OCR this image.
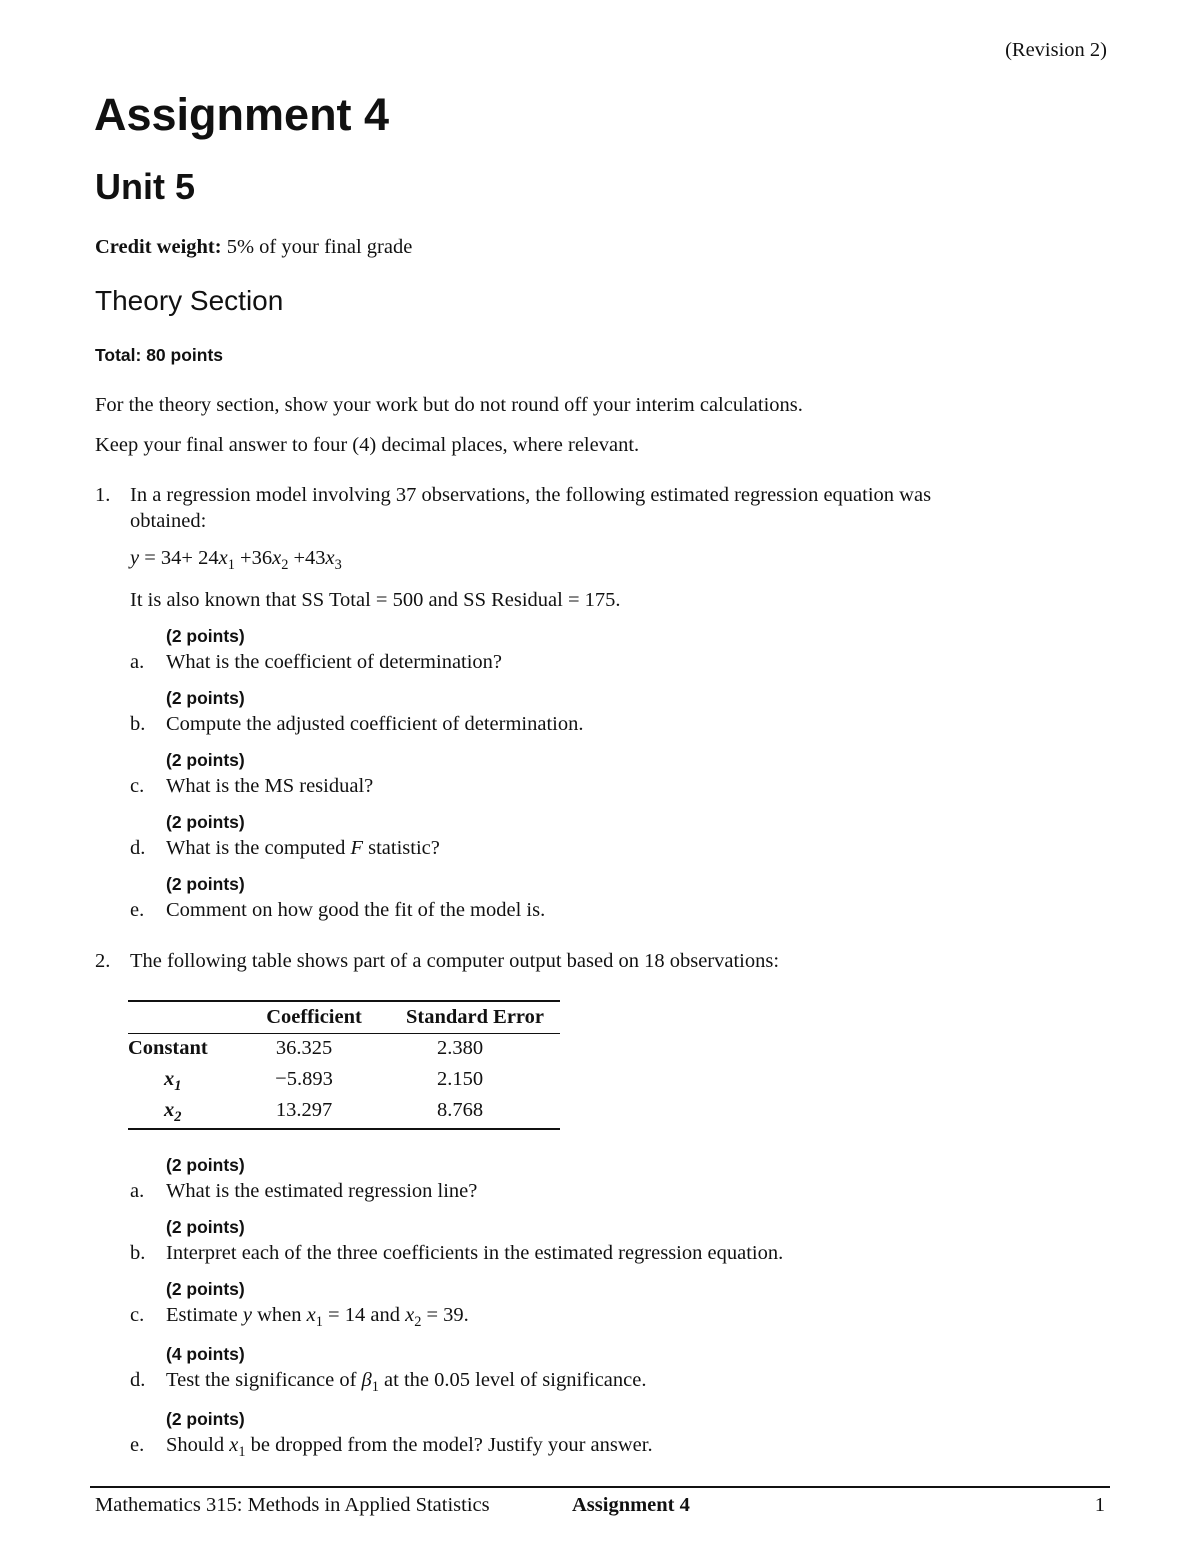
(Revision 2)
Assignment 4
Unit 5
Credit weight: 5% of your final grade
Theory Section
Total: 80 points
For the theory section, show your work but do not round off your interim calculations.
Keep your final answer to four (4) decimal places, where relevant.
1. In a regression model involving 37 observations, the following estimated regression equation was
obtained:
$y = 34+ 24x_1 +36x_2 +43x_3$
It is also known that SS Total = 500 and SS Residual = 175.
(2 points)
a. What is the coefficient of determination?
(2 points)
b. Compute the adjusted coefficient of determination.
(2 points)
c. What is the MS residual?
(2 points)
d. What is the computed F statistic?
(2 points)
e. Comment on how good the fit of the model is.
2. The following table shows part of a computer output based on 18 observations:
	Coefficient	Standard Error
Constant	36.325	2.380
$x_1$	−5.893	2.150
$x_2$	13.297	8.768
(2 points)
a. What is the estimated regression line?
(2 points)
b. Interpret each of the three coefficients in the estimated regression equation.
(2 points)
c. Estimate y when $x_1 = 14$ and $x_2 = 39$.
(4 points)
d. Test the significance of $\beta_1$ at the 0.05 level of significance.
(2 points)
e. Should $x_1$ be dropped from the model? Justify your answer.
Mathematics 315: Methods in Applied Statistics	Assignment 4	1
